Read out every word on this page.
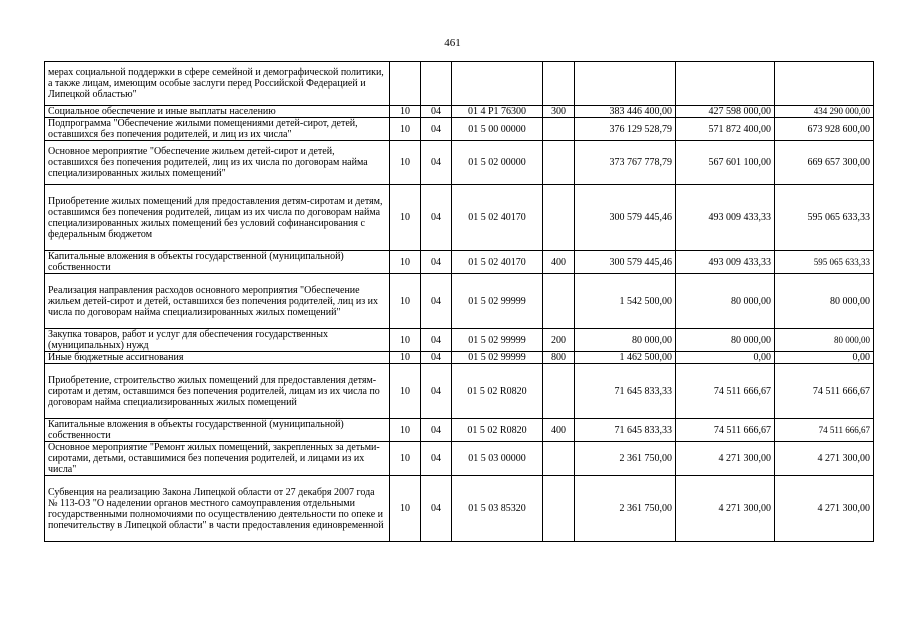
461
мерах социальной поддержки в сфере семейной и демографической политики, а также лицам, имеющим особые заслуги перед Российской Федерацией и Липецкой областью"							
Социальное обеспечение и иные выплаты населению	10	04	01 4 P1 76300	300	383 446 400,00	427 598 000,00	434 290 000,00
Подпрограмма "Обеспечение жилыми помещениями детей-сирот, детей, оставшихся без попечения родителей, и лиц из их числа"	10	04	01 5 00 00000		376 129 528,79	571 872 400,00	673 928 600,00
Основное мероприятие "Обеспечение жильем детей-сирот и детей, оставшихся без попечения родителей, лиц из их числа по договорам найма специализированных жилых помещений"	10	04	01 5 02 00000		373 767 778,79	567 601 100,00	669 657 300,00
Приобретение жилых помещений для предоставления детям-сиротам и детям, оставшимся без попечения родителей, лицам из их числа по договорам найма специализированных жилых помещений без условий софинансирования с федеральным бюджетом	10	04	01 5 02 40170		300 579 445,46	493 009 433,33	595 065 633,33
Капитальные вложения в объекты государственной (муниципальной) собственности	10	04	01 5 02 40170	400	300 579 445,46	493 009 433,33	595 065 633,33
Реализация направления расходов основного мероприятия "Обеспечение жильем детей-сирот и детей, оставшихся без попечения родителей, лиц из их числа по договорам найма специализированных жилых помещений"	10	04	01 5 02 99999		1 542 500,00	80 000,00	80 000,00
Закупка товаров, работ и услуг для обеспечения государственных (муниципальных) нужд	10	04	01 5 02 99999	200	80 000,00	80 000,00	80 000,00
Иные бюджетные ассигнования	10	04	01 5 02 99999	800	1 462 500,00	0,00	0,00
Приобретение, строительство жилых помещений для предоставления детям-сиротам и детям, оставшимся без попечения родителей, лицам из их числа по договорам найма специализированных жилых помещений	10	04	01 5 02 R0820		71 645 833,33	74 511 666,67	74 511 666,67
Капитальные вложения в объекты государственной (муниципальной) собственности	10	04	01 5 02 R0820	400	71 645 833,33	74 511 666,67	74 511 666,67
Основное мероприятие "Ремонт жилых помещений, закрепленных за детьми-сиротами, детьми, оставшимися без попечения родителей, и лицами из их числа"	10	04	01 5 03 00000		2 361 750,00	4 271 300,00	4 271 300,00
Субвенция на реализацию Закона Липецкой области от 27 декабря 2007 года № 113-ОЗ "О наделении органов местного самоуправления отдельными государственными полномочиями по осуществлению деятельности по опеке и попечительству в Липецкой области" в части предоставления единовременной	10	04	01 5 03 85320		2 361 750,00	4 271 300,00	4 271 300,00
